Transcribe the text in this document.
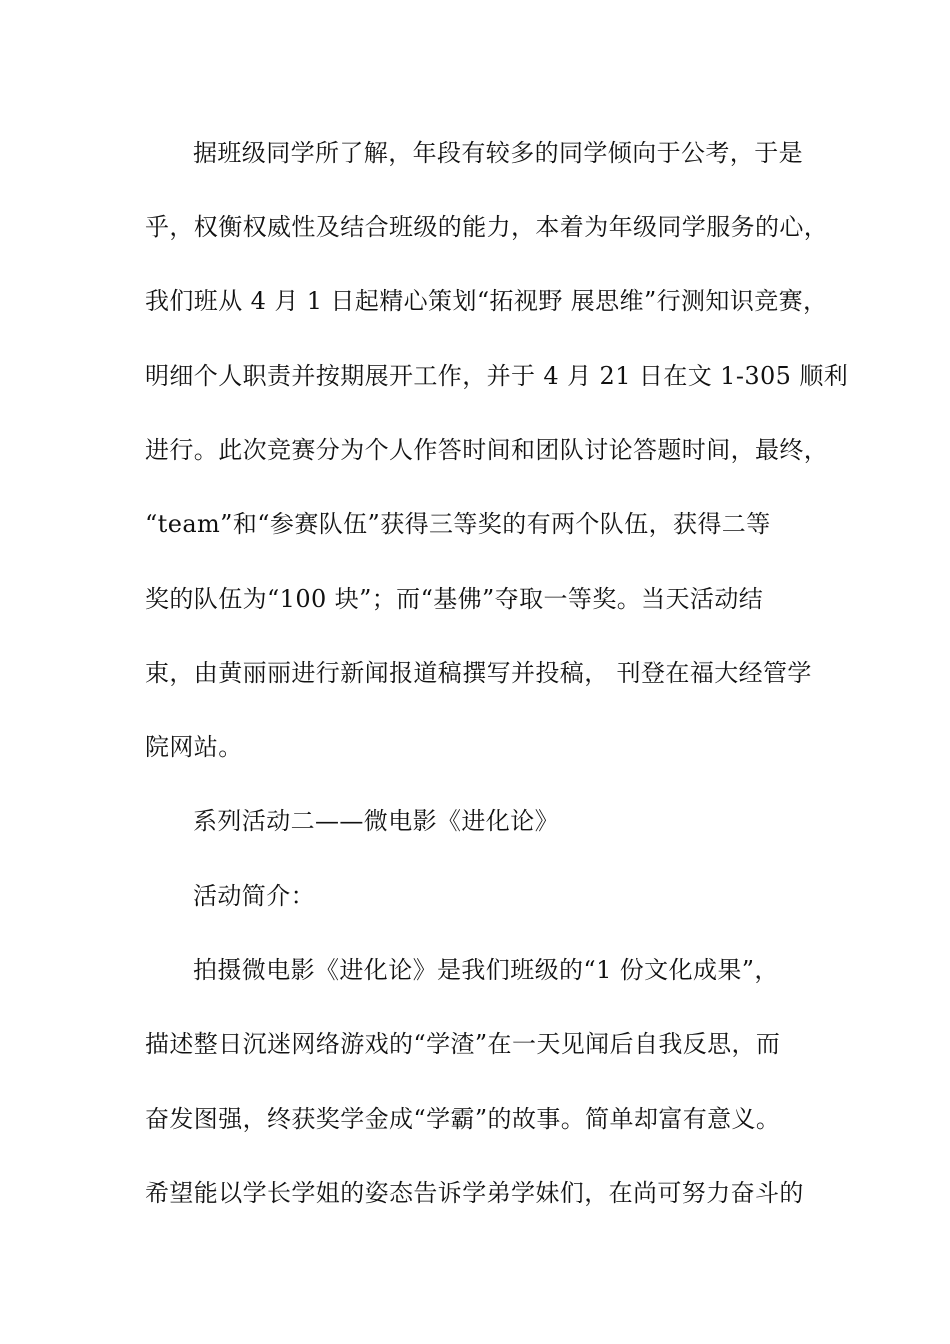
据班级同学所了解，年段有较多的同学倾向于公考，于是
乎，权衡权威性及结合班级的能力，本着为年级同学服务的心，
我们班从 4 月 1 日起精心策划“拓视野 展思维”行测知识竞赛，
明细个人职责并按期展开工作，并于 4 月 21 日在文 1-305 顺利
进行。此次竞赛分为个人作答时间和团队讨论答题时间，最终，
“team”和“参赛队伍”获得三等奖的有两个队伍，获得二等
奖的队伍为“100 块”；而“基佛”夺取一等奖。当天活动结
束，由黄丽丽进行新闻报道稿撰写并投稿， 刊登在福大经管学
院网站。
系列活动二——微电影《进化论》
活动简介：
拍摄微电影《进化论》是我们班级的“1 份文化成果”，
描述整日沉迷网络游戏的“学渣”在一天见闻后自我反思，而
奋发图强，终获奖学金成“学霸”的故事。简单却富有意义。
希望能以学长学姐的姿态告诉学弟学妹们，在尚可努力奋斗的
